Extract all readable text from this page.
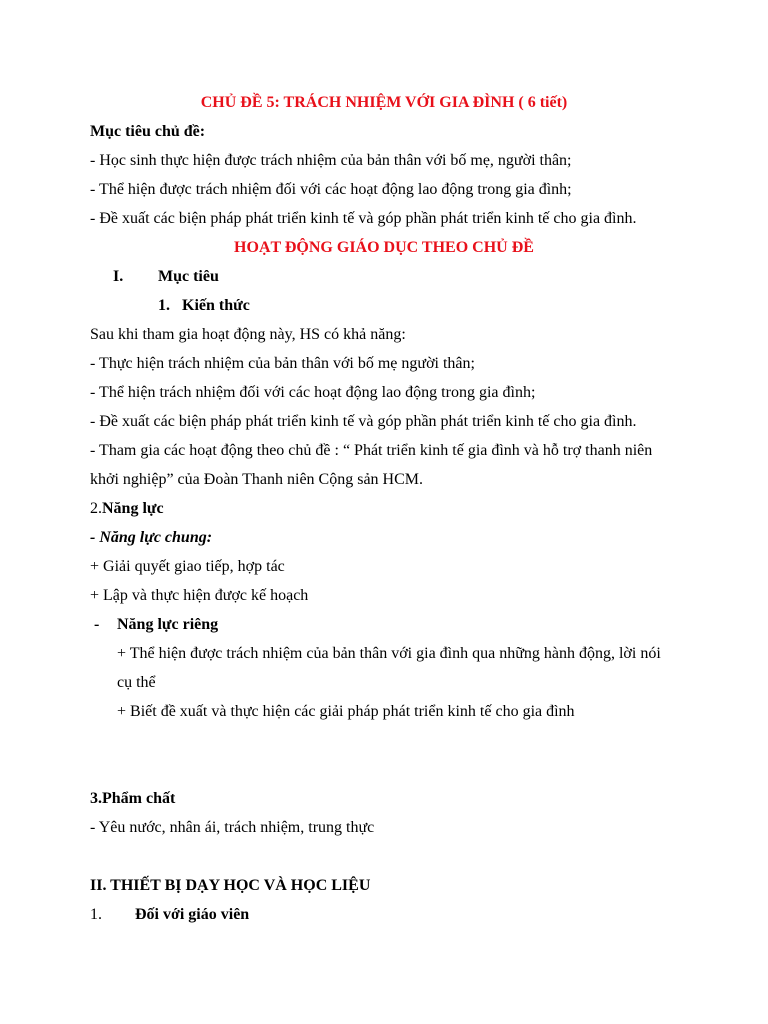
CHỦ ĐỀ 5: TRÁCH NHIỆM VỚI GIA ĐÌNH ( 6 tiết)
Mục tiêu chủ đề:
- Học sinh thực hiện được trách nhiệm của bản thân với bố mẹ, người thân;
- Thể hiện được trách nhiệm đối với các hoạt động lao động trong gia đình;
- Đề xuất các biện pháp phát triển kinh tế và góp phần phát triển kinh tế cho gia đình.
HOẠT ĐỘNG GIÁO DỤC THEO CHỦ ĐỀ
I. Mục tiêu
1. Kiến thức
Sau khi tham gia hoạt động này, HS có khả năng:
- Thực hiện trách nhiệm của bản thân với bố mẹ người thân;
- Thể hiện trách nhiệm đối với các hoạt động lao động trong gia đình;
- Đề xuất các biện pháp phát triển kinh tế và góp phần phát triển kinh tế cho gia đình.
- Tham gia các hoạt động theo chủ đề : “ Phát triển kinh tế gia đình và hỗ trợ thanh niên
khởi nghiệp” của Đoàn Thanh niên Cộng sản HCM.
2.Năng lực
- Năng lực chung:
+ Giải quyết giao tiếp, hợp tác
+ Lập và thực hiện được kế hoạch
- Năng lực riêng
+ Thể hiện được trách nhiệm của bản thân với gia đình qua những hành động, lời nói
cụ thể
+ Biết đề xuất và thực hiện các giải pháp phát triển kinh tế cho gia đình
3.Phẩm chất
- Yêu nước, nhân ái, trách nhiệm, trung thực
II. THIẾT BỊ DẠY HỌC VÀ HỌC LIỆU
1. Đối với giáo viên
